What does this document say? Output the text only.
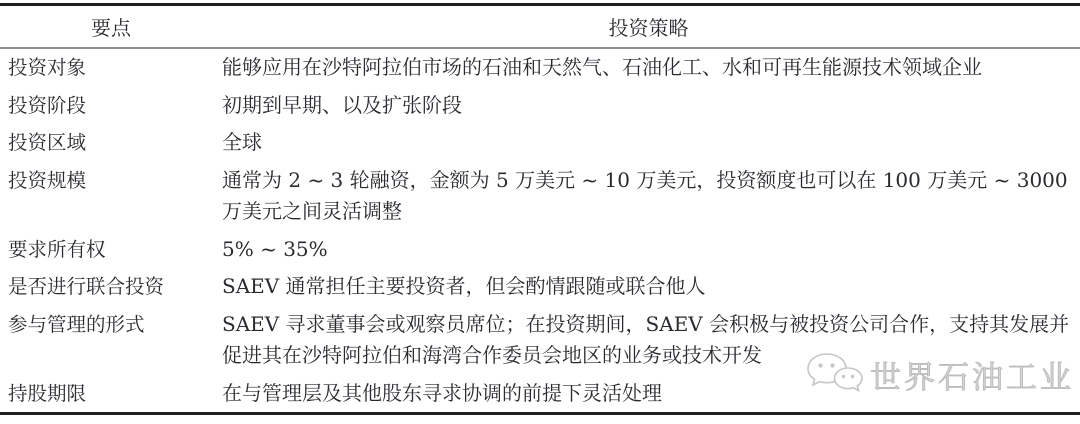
要点	投资策略
投资对象	能够应用在沙特阿拉伯市场的石油和天然气、石油化工、水和可再生能源技术领域企业
投资阶段	初期到早期、以及扩张阶段
投资区域	全球
投资规模	通常为 2 ~ 3 轮融资，金额为 5 万美元 ~ 10 万美元，投资额度也可以在 100 万美元 ~ 3000 万美元之间灵活调整
要求所有权	5% ~ 35%
是否进行联合投资	SAEV 通常担任主要投资者，但会酌情跟随或联合他人
参与管理的形式	SAEV 寻求董事会或观察员席位；在投资期间，SAEV 会积极与被投资公司合作，支持其发展并促进其在沙特阿拉伯和海湾合作委员会地区的业务或技术开发
持股期限	在与管理层及其他股东寻求协调的前提下灵活处理	世界石油工业
